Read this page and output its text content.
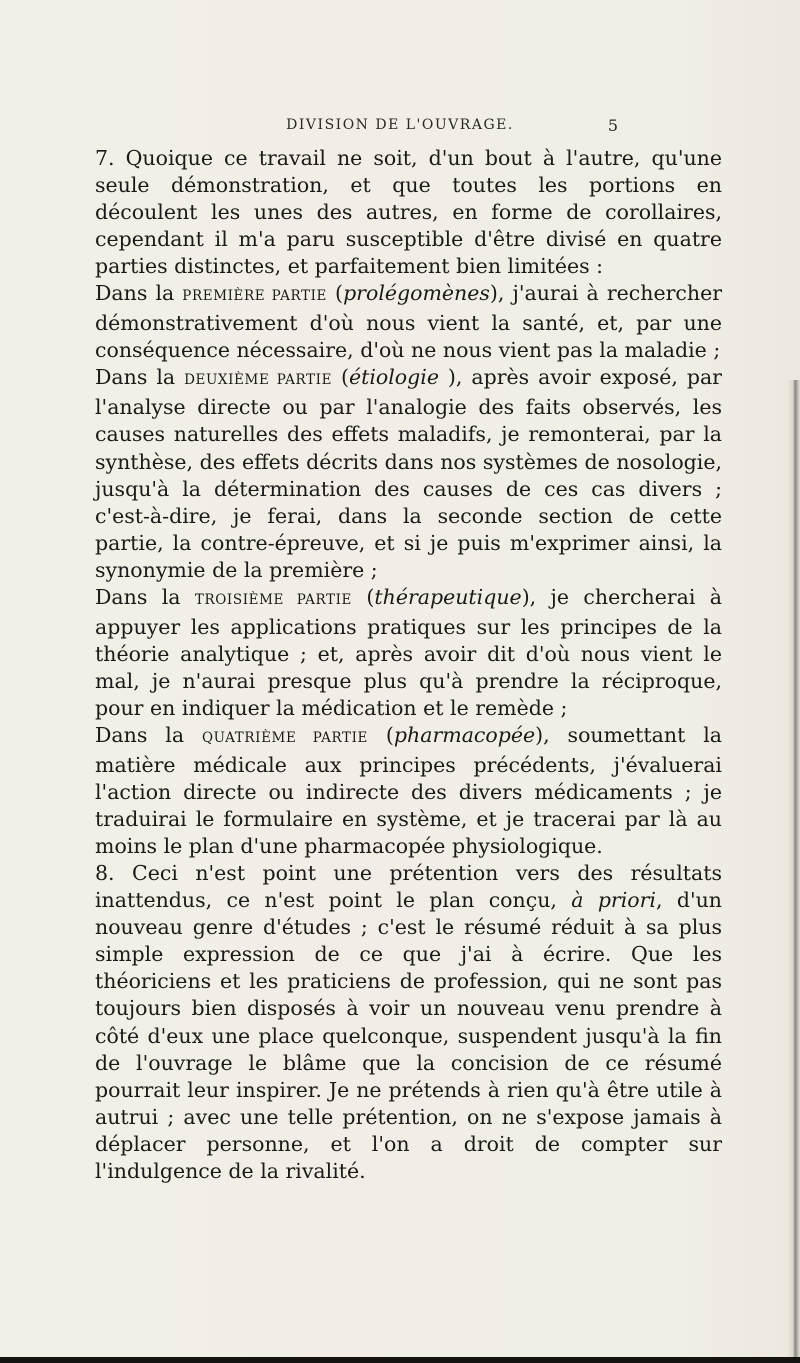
DIVISION DE L'OUVRAGE.	5

7. Quoique ce travail ne soit, d'un bout à l'autre, qu'une seule démonstration, et que toutes les portions en découlent les unes des autres, en forme de corollaires, cependant il m'a paru susceptible d'être divisé en quatre parties distinctes, et parfaitement bien limitées :

Dans la PREMIÈRE PARTIE (prolégomènes), j'aurai à rechercher démonstrativement d'où nous vient la santé, et, par une conséquence nécessaire, d'où ne nous vient pas la maladie ;

Dans la DEUXIÈME PARTIE (étiologie ), après avoir exposé, par l'analyse directe ou par l'analogie des faits observés, les causes naturelles des effets maladifs, je remonterai, par la synthèse, des effets décrits dans nos systèmes de nosologie, jusqu'à la détermination des causes de ces cas divers ; c'est-à-dire, je ferai, dans la seconde section de cette partie, la contre-épreuve, et si je puis m'exprimer ainsi, la synonymie de la première ;

Dans la TROISIÈME PARTIE (thérapeutique), je chercherai à appuyer les applications pratiques sur les principes de la théorie analytique ; et, après avoir dit d'où nous vient le mal, je n'aurai presque plus qu'à prendre la réciproque, pour en indiquer la médication et le remède ;

Dans la QUATRIÈME PARTIE (pharmacopée), soumettant la matière médicale aux principes précédents, j'évaluerai l'action directe ou indirecte des divers médicaments ; je traduirai le formulaire en système, et je tracerai par là au moins le plan d'une pharmacopée physiologique.

8. Ceci n'est point une prétention vers des résultats inattendus, ce n'est point le plan conçu, à priori, d'un nouveau genre d'études ; c'est le résumé réduit à sa plus simple expression de ce que j'ai à écrire. Que les théoriciens et les praticiens de profession, qui ne sont pas toujours bien disposés à voir un nouveau venu prendre à côté d'eux une place quelconque, suspendent jusqu'à la fin de l'ouvrage le blâme que la concision de ce résumé pourrait leur inspirer. Je ne prétends à rien qu'à être utile à autrui ; avec une telle prétention, on ne s'expose jamais à déplacer personne, et l'on a droit de compter sur l'indulgence de la rivalité.
